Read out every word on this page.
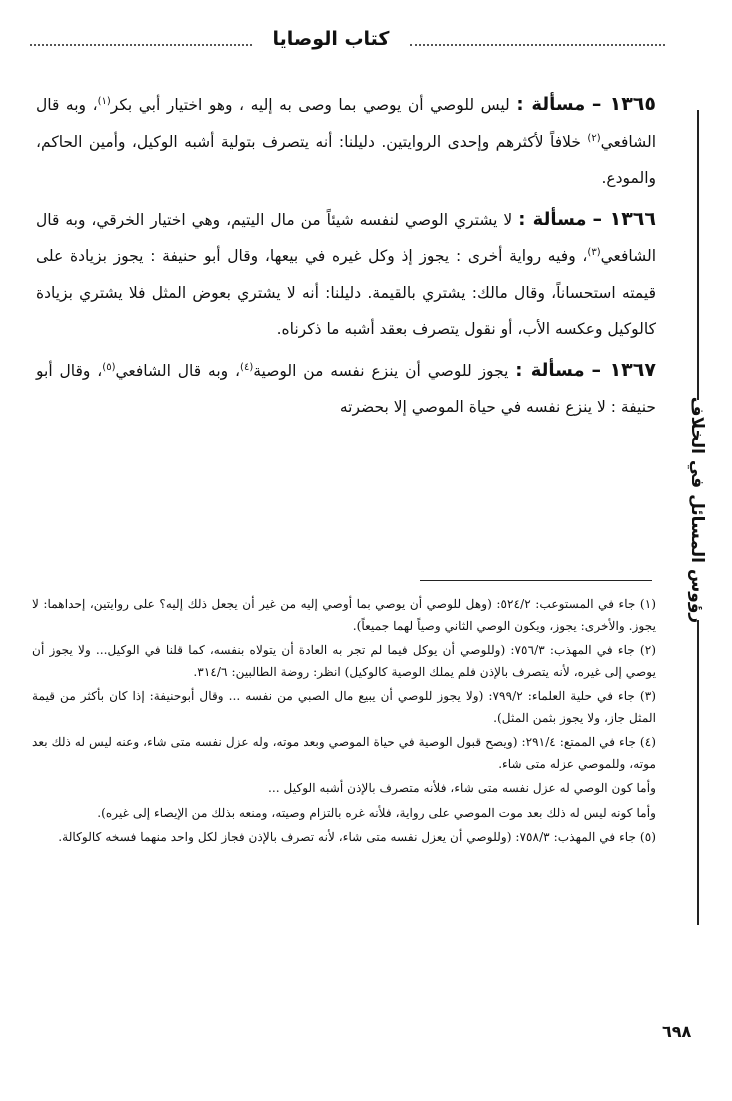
كتاب الوصايا
رؤوس المسائل في الخلاف

١٣٦٥ – مسألة : ليس للوصي أن يوصي بما وصى به إليه ، وهو اختيار أبي بكر$^{(١)}$، وبه قال الشافعي$^{(٢)}$ خلافاً لأكثرهم وإحدى الروايتين. دليلنا: أنه يتصرف بتولية أشبه الوكيل، وأمين الحاكم، والمودع.

١٣٦٦ – مسألة : لا يشتري الوصي لنفسه شيئاً من مال اليتيم، وهي اختيار الخرقي، وبه قال الشافعي$^{(٣)}$، وفيه رواية أخرى : يجوز إذ وكل غيره في بيعها، وقال أبو حنيفة : يجوز بزيادة على قيمته استحساناً، وقال مالك: يشتري بالقيمة. دليلنا: أنه لا يشتري بعوض المثل فلا يشتري بزيادة كالوكيل وعكسه الأب، أو نقول يتصرف بعقد أشبه ما ذكرناه.

١٣٦٧ – مسألة : يجوز للوصي أن ينزع نفسه من الوصية$^{(٤)}$، وبه قال الشافعي$^{(٥)}$، وقال أبو حنيفة : لا ينزع نفسه في حياة الموصي إلا بحضرته

(١) جاء في المستوعب: ٥٢٤/٢: (وهل للوصي أن يوصي بما أوصي إليه من غير أن يجعل ذلك إليه؟ على روايتين، إحداهما: لا يجوز. والأخرى: يجوز، ويكون الوصي الثاني وصياً لهما جميعاً).

(٢) جاء في المهذب: ٧٥٦/٣: (وللوصي أن يوكل فيما لم تجر به العادة أن يتولاه بنفسه، كما قلنا في الوكيل... ولا يجوز أن يوصي إلى غيره، لأنه يتصرف بالإذن فلم يملك الوصية كالوكيل) انظر: روضة الطالبين: ٣١٤/٦.

(٣) جاء في حلية العلماء: ٧٩٩/٢: (ولا يجوز للوصي أن يبيع مال الصبي من نفسه ... وقال أبوحنيفة: إذا كان بأكثر من قيمة المثل جاز، ولا يجوز بثمن المثل).

(٤) جاء في الممتع: ٢٩١/٤: (ويصح قبول الوصية في حياة الموصي وبعد موته، وله عزل نفسه متى شاء، وعنه ليس له ذلك بعد موته، وللموصي عزله متى شاء.

وأما كون الوصي له عزل نفسه متى شاء، فلأنه متصرف بالإذن أشبه الوكيل ...

وأما كونه ليس له ذلك بعد موت الموصي على رواية، فلأنه غره بالتزام وصيته، ومنعه بذلك من الإيصاء إلى غيره).

(٥) جاء في المهذب: ٧٥٨/٣: (وللوصي أن يعزل نفسه متى شاء، لأنه تصرف بالإذن فجاز لكل واحد منهما فسخه كالوكالة.

٦٩٨
